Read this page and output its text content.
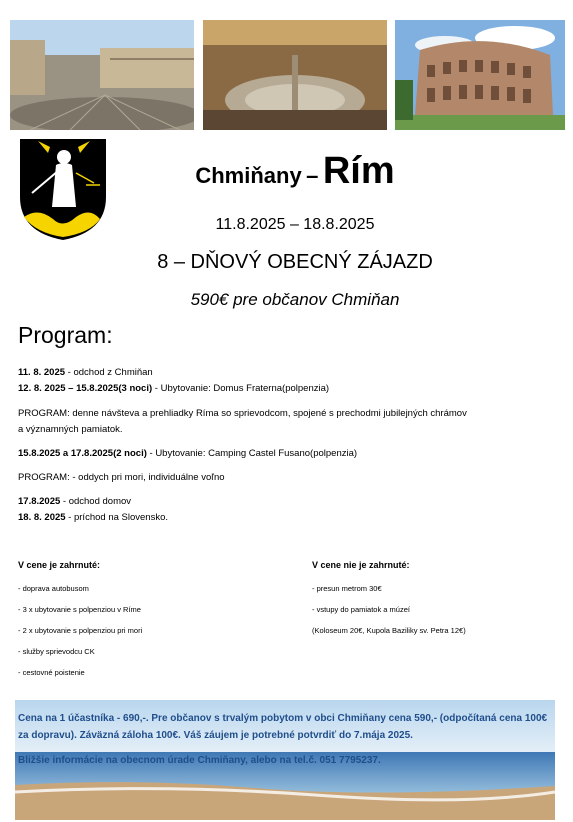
Chmiňany – Rím
11.8.2025 – 18.8.2025
8 – DŇOVÝ OBECNÝ ZÁJAZD
590€ pre občanov Chmiňan
Program:
11. 8. 2025 - odchod z Chmiňan
12. 8. 2025 – 15.8.2025(3 noci) - Ubytovanie: Domus Fraterna(polpenzia)
PROGRAM: denne návšteva a prehliadky Ríma so sprievodcom, spojené s prechodmi jubilejných chrámov
a významných pamiatok.
15.8.2025 a 17.8.2025(2 noci) - Ubytovanie: Camping Castel Fusano(polpenzia)
PROGRAM: - oddych pri mori, individuálne voľno
17.8.2025 - odchod domov
18. 8. 2025 - príchod na Slovensko.
V cene je zahrnuté:
- doprava autobusom
- 3 x ubytovanie s polpenziou v Ríme
- 2 x ubytovanie s polpenziou pri mori
- služby sprievodcu CK
- cestovné poistenie
V cene nie je zahrnuté:
- presun metrom 30€
- vstupy do pamiatok a múzeí
(Koloseum 20€, Kupola Baziliky sv. Petra 12€)
Cena na 1 účastníka - 690,-. Pre občanov s trvalým pobytom v obci Chmiňany cena 590,- (odpočítaná cena 100€ za dopravu). Záväzná záloha 100€. Váš záujem je potrebné potvrdiť do 7.mája 2025.
Bližšie informácie na obecnom úrade Chmiňany, alebo na tel.č. 051 7795237.
